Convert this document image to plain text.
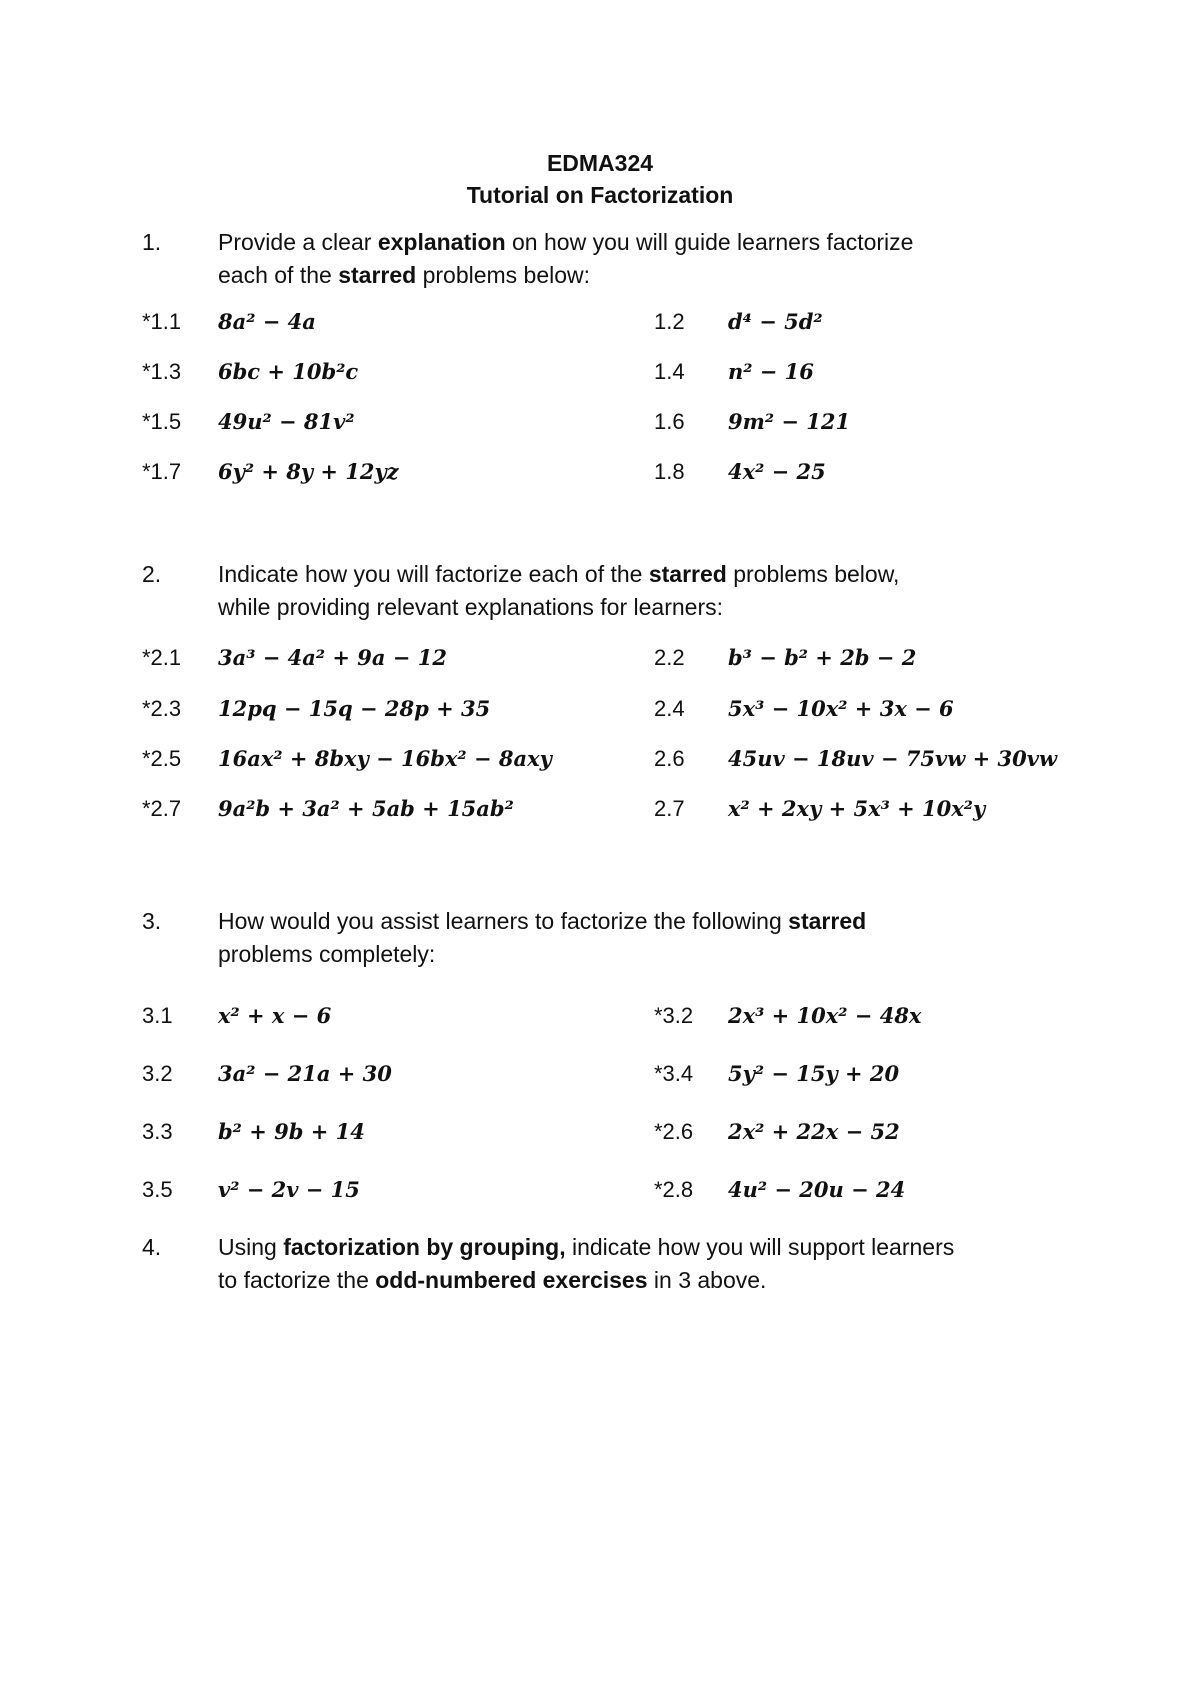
EDMA324
Tutorial on Factorization
1.	Provide a clear explanation on how you will guide learners factorize
each of the starred problems below:
*1.1 8a² − 4a	1.2 d⁴ − 5d²
*1.3 6bc + 10b²c	1.4 n² − 16
*1.5 49u² − 81v²	1.6 9m² − 121
*1.7 6y² + 8y + 12yz	1.8 4x² − 25
2.	Indicate how you will factorize each of the starred problems below,
while providing relevant explanations for learners:
*2.1 3a³ − 4a² + 9a − 12	2.2 b³ − b² + 2b − 2
*2.3 12pq − 15q − 28p + 35	2.4 5x³ − 10x² + 3x − 6
*2.5 16ax² + 8bxy − 16bx² − 8axy	2.6 45uv − 18uv − 75vw + 30vw
*2.7 9a²b + 3a² + 5ab + 15ab²	2.7 x² + 2xy + 5x³ + 10x²y
3.	How would you assist learners to factorize the following starred
problems completely:
3.1 x² + x − 6	*3.2 2x³ + 10x² − 48x
3.2 3a² − 21a + 30	*3.4 5y² − 15y + 20
3.3 b² + 9b + 14	*2.6 2x² + 22x − 52
3.5 v² − 2v − 15	*2.8 4u² − 20u − 24
4.	Using factorization by grouping, indicate how you will support learners
to factorize the odd-numbered exercises in 3 above.
